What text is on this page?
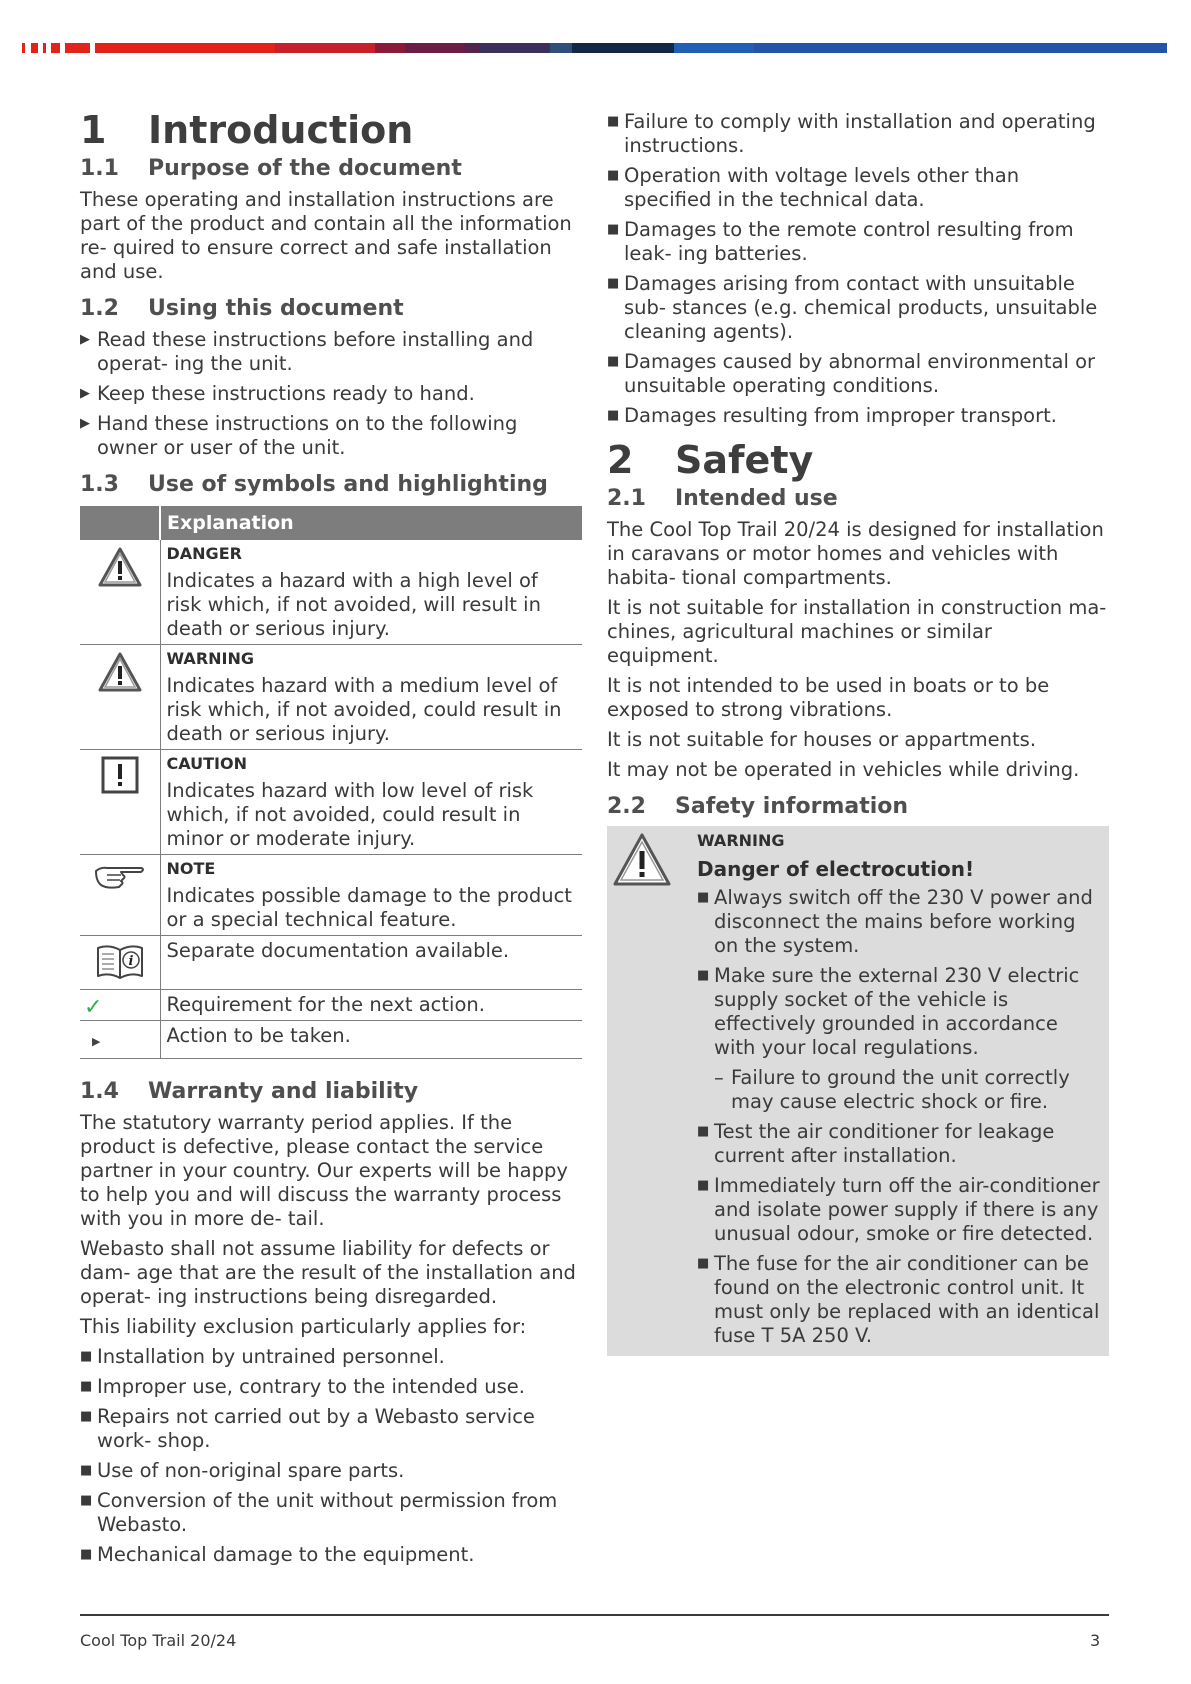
1	Introduction
1.1	Purpose of the document

These operating and installation instructions are part of the product and contain all the information re- quired to ensure correct and safe installation and use.

1.2	Using this document
▶ Read these instructions before installing and operat- ing the unit.
▶ Keep these instructions ready to hand.
▶ Hand these instructions on to the following owner or user of the unit.
1.3	Use of symbols and highlighting
	Explanation

DANGER
Indicates a hazard with a high level of risk which, if not avoided, will result in death or serious injury.

WARNING
Indicates hazard with a medium level of risk which, if not avoided, could result in death or serious injury.

CAUTION
Indicates hazard with low level of risk which, if not avoided, could result in minor or moderate injury.

NOTE
Indicates possible damage to the product or a special technical feature.

i	Separate documentation available.

✓	Requirement for the next action.

▶	Action to be taken.
1.4	Warranty and liability

The statutory warranty period applies. If the product is defective, please contact the service partner in your country. Our experts will be happy to help you and will discuss the warranty process with you in more de- tail.

Webasto shall not assume liability for defects or dam- age that are the result of the installation and operat- ing instructions being disregarded.

This liability exclusion particularly applies for:

■ Installation by untrained personnel.
■ Improper use, contrary to the intended use.
■ Repairs not carried out by a Webasto service work- shop.
■ Use of non-original spare parts.
■ Conversion of the unit without permission from Webasto.
■ Mechanical damage to the equipment.
■ Failure to comply with installation and operating instructions.
■ Operation with voltage levels other than specified in the technical data.
■ Damages to the remote control resulting from leak- ing batteries.
■ Damages arising from contact with unsuitable sub- stances (e.g. chemical products, unsuitable cleaning agents).
■ Damages caused by abnormal environmental or unsuitable operating conditions.
■ Damages resulting from improper transport.
2	Safety
2.1	Intended use

The Cool Top Trail 20/24 is designed for installation in caravans or motor homes and vehicles with habita- tional compartments.

It is not suitable for installation in construction ma- chines, agricultural machines or similar equipment.

It is not intended to be used in boats or to be exposed to strong vibrations.

It is not suitable for houses or appartments.

It may not be operated in vehicles while driving.

2.2	Safety information
WARNING
Danger of electrocution!
■ Always switch off the 230 V power and disconnect the mains before working on the system.
■ Make sure the external 230 V electric supply socket of the vehicle is effectively grounded in accordance with your local regulations.
– Failure to ground the unit correctly may cause electric shock or fire.
■ Test the air conditioner for leakage current after installation.
■ Immediately turn off the air-conditioner and isolate power supply if there is any unusual odour, smoke or fire detected.
■ The fuse for the air conditioner can be found on the electronic control unit. It must only be replaced with an identical fuse T 5A 250 V.
Cool Top Trail 20/24	3
